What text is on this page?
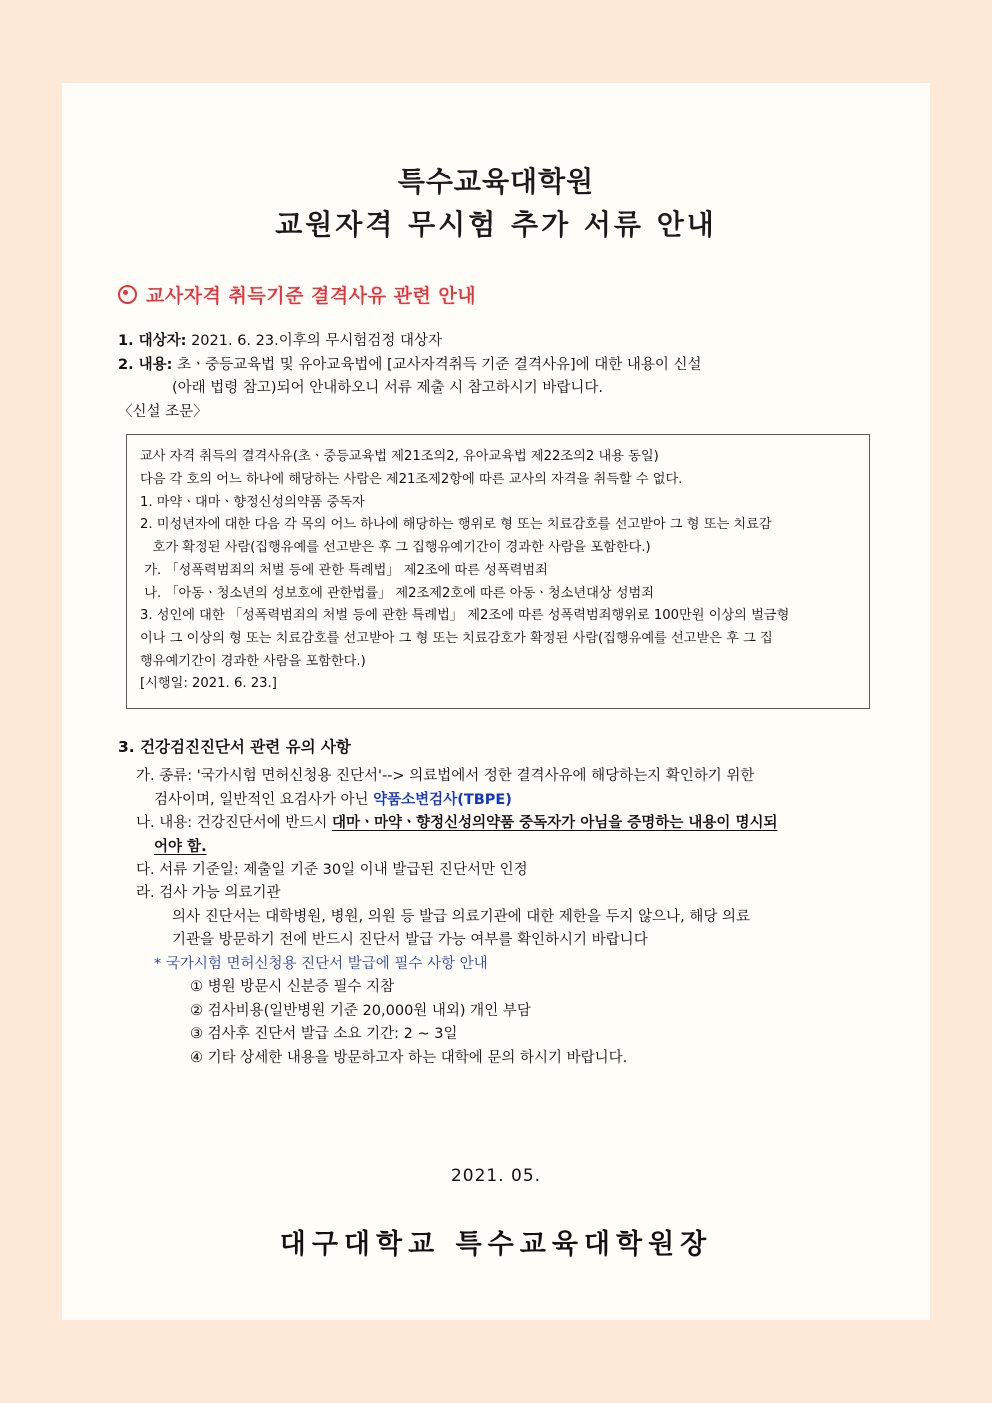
특수교육대학원
교원자격 무시험 추가 서류 안내
교사자격 취득기준 결격사유 관련 안내
1. 대상자: 2021. 6. 23.이후의 무시험검정 대상자
2. 내용: 초ㆍ중등교육법 및 유아교육법에 [교사자격취득 기준 결격사유]에 대한 내용이 신설
(아래 법령 참고)되어 안내하오니 서류 제출 시 참고하시기 바랍니다.
〈신설 조문〉
교사 자격 취득의 결격사유(초ㆍ중등교육법 제21조의2, 유아교육법 제22조의2 내용 동일)
다음 각 호의 어느 하나에 해당하는 사람은 제21조제2항에 따른 교사의 자격을 취득할 수 없다.
1. 마약ㆍ대마ㆍ향정신성의약품 중독자
2. 미성년자에 대한 다음 각 목의 어느 하나에 해당하는 행위로 형 또는 치료감호를 선고받아 그 형 또는 치료감
호가 확정된 사람(집행유예를 선고받은 후 그 집행유예기간이 경과한 사람을 포함한다.)
가. 「성폭력범죄의 처벌 등에 관한 특례법」 제2조에 따른 성폭력범죄
나. 「아동ㆍ청소년의 성보호에 관한법률」 제2조제2호에 따른 아동ㆍ청소년대상 성범죄
3. 성인에 대한 「성폭력범죄의 처벌 등에 관한 특례법」 제2조에 따른 성폭력범죄행위로 100만원 이상의 벌금형
이나 그 이상의 형 또는 치료감호를 선고받아 그 형 또는 치료감호가 확정된 사람(집행유예를 선고받은 후 그 집
행유예기간이 경과한 사람을 포함한다.)
[시행일: 2021. 6. 23.]
3. 건강검진진단서 관련 유의 사항
가. 종류: '국가시험 면허신청용 진단서'--> 의료법에서 정한 결격사유에 해당하는지 확인하기 위한
검사이며, 일반적인 요검사가 아닌 약품소변검사(TBPE)
나. 내용: 건강진단서에 반드시 대마ㆍ마약ㆍ향정신성의약품 중독자가 아님을 증명하는 내용이 명시되
어야 함.
다. 서류 기준일: 제출일 기준 30일 이내 발급된 진단서만 인정
라. 검사 가능 의료기관
의사 진단서는 대학병원, 병원, 의원 등 발급 의료기관에 대한 제한을 두지 않으나, 해당 의료
기관을 방문하기 전에 반드시 진단서 발급 가능 여부를 확인하시기 바랍니다
* 국가시험 면허신청용 진단서 발급에 필수 사항 안내
① 병원 방문시 신분증 필수 지참
② 검사비용(일반병원 기준 20,000원 내외) 개인 부담
③ 검사후 진단서 발급 소요 기간: 2 ~ 3일
④ 기타 상세한 내용을 방문하고자 하는 대학에 문의 하시기 바랍니다.
2021. 05.
대구대학교 특수교육대학원장
